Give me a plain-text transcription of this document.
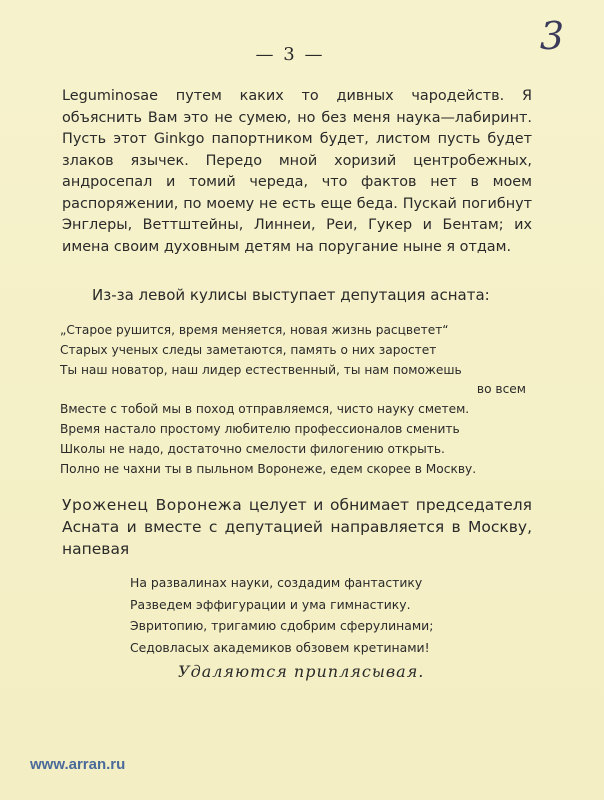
3
— 3 —
Leguminosae путем каких то дивных чародейств. Я объяснить Вам это не сумею, но без меня наука—лабиринт. Пусть этот Ginkgo папортником будет, листом пусть будет злаков язычек. Передо мной хоризий центробежных, андросепал и томий череда, что фактов нет в моем распоряжении, по моему не есть еще беда. Пускай погибнут Энглеры, Веттштейны, Линнеи, Реи, Гукер и Бентам; их имена своим духовным детям на поругание ныне я отдам.
Из-за левой кулисы выступает депутация асната:
„Старое рушится, время меняется, новая жизнь расцветет“
Старых ученых следы заметаются, память о них заростет
Ты наш новатор, наш лидер естественный, ты нам поможешь
во всем
Вместе с тобой мы в поход отправляемся, чисто науку сметем.
Время настало простому любителю профессионалов сменить
Школы не надо, достаточно смелости филогению открыть.
Полно не чахни ты в пыльном Воронеже, едем скорее в Москву.
Уроженец Воронежа целует и обнимает председателя Асната и вместе с депутацией направляется в Москву, напевая
На развалинах науки, создадим фантастику
Разведем эффигурации и ума гимнастику.
Эвритопию, тригамию сдобрим сферулинами;
Седовласых академиков обзовем кретинами!
Удаляются приплясывая.
www.arran.ru
